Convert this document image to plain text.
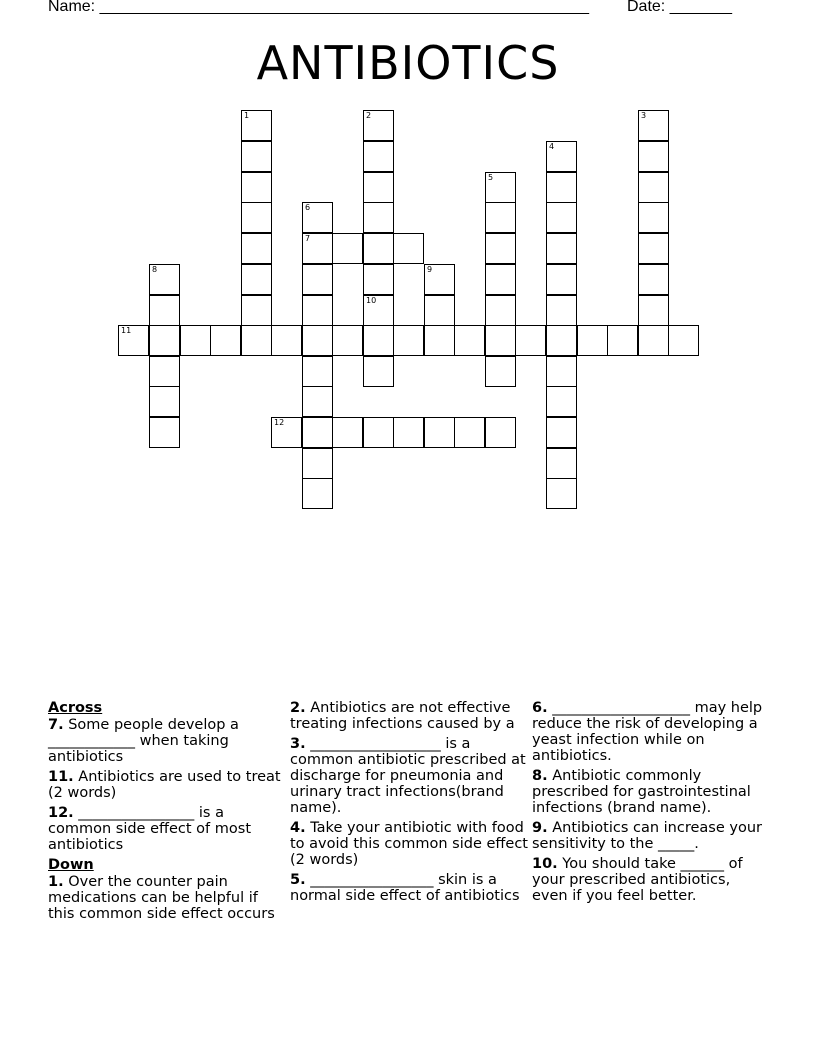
Name: _______________________________________________________ Date: _______
ANTIBIOTICS
11
1	2	3
4
5
6
7
8	9
10
12
Across
7. Some people develop a ____________ when taking antibiotics
11. Antibiotics are used to treat (2 words)
12. ________________ is a common side effect of most antibiotics
Down
1. Over the counter pain medications can be helpful if this common side effect occurs
2. Antibiotics are not effective treating infections caused by a
3. __________________ is a common antibiotic prescribed at discharge for pneumonia and urinary tract infections(brand name).
4. Take your antibiotic with food to avoid this common side effect (2 words)
5. _________________ skin is a normal side effect of antibiotics
6. ___________________ may help reduce the risk of developing a yeast infection while on antibiotics.
8. Antibiotic commonly prescribed for gastrointestinal infections (brand name).
9. Antibiotics can increase your sensitivity to the _____.
10. You should take ______ of your prescribed antibiotics, even if you feel better.
